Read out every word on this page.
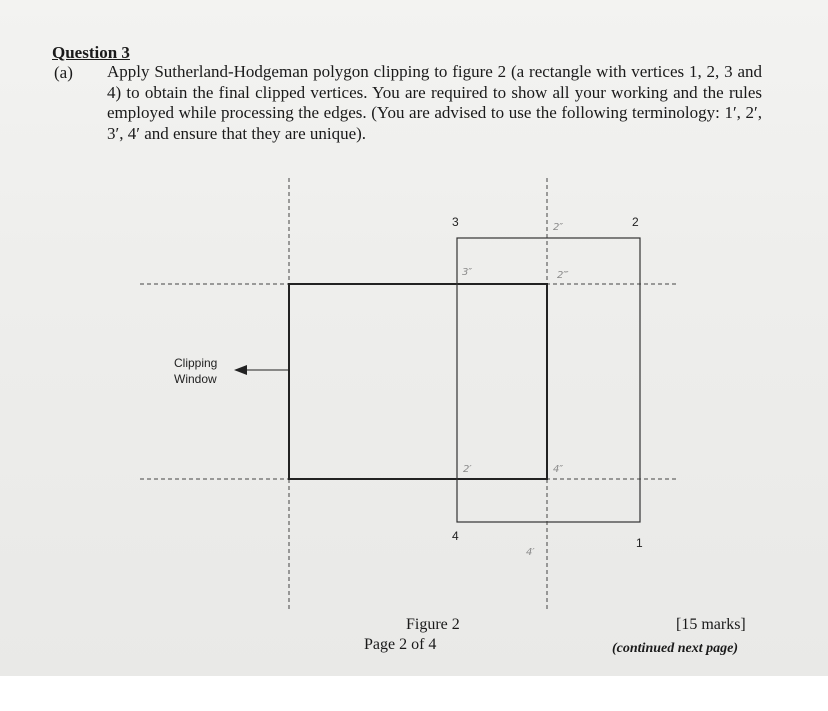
Question 3
(a) Apply Sutherland-Hodgeman polygon clipping to figure 2 (a rectangle with vertices 1, 2, 3 and 4) to obtain the final clipped vertices. You are required to show all your working and the rules employed while processing the edges. (You are advised to use the following terminology: 1′, 2′, 3′, 4′ and ensure that they are unique).
Clipping
Window
3	2
4	1
2″
3″	2‴
2′	4″
4′
Figure 2
Page 2 of 4
[15 marks]
(continued next page)
